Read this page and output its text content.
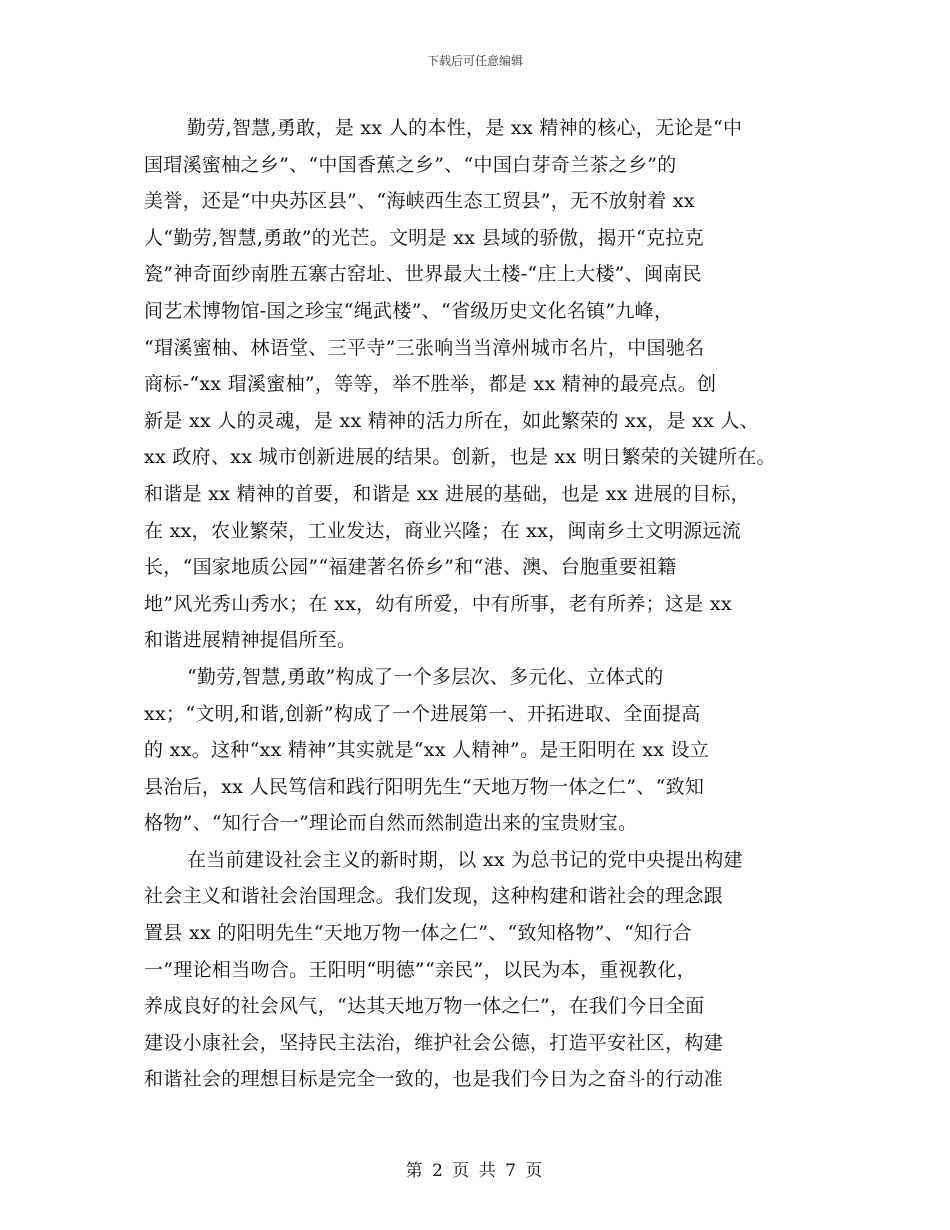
下载后可任意编辑
勤劳,智慧,勇敢，是 xx 人的本性，是 xx 精神的核心，无论是“中
国瑁溪蜜柚之乡”、“中国香蕉之乡”、“中国白芽奇兰茶之乡”的
美誉，还是“中央苏区县”、“海峡西生态工贸县”，无不放射着 xx
人“勤劳,智慧,勇敢”的光芒。文明是 xx 县域的骄傲，揭开“克拉克
瓷”神奇面纱南胜五寨古窑址、世界最大土楼-“庄上大楼”、闽南民
间艺术博物馆-国之珍宝“绳武楼”、“省级历史文化名镇”九峰，
“瑁溪蜜柚、林语堂、三平寺”三张响当当漳州城市名片，中国驰名
商标-“xx 瑁溪蜜柚”，等等，举不胜举，都是 xx 精神的最亮点。创
新是 xx 人的灵魂，是 xx 精神的活力所在，如此繁荣的 xx，是 xx 人、
xx 政府、xx 城市创新进展的结果。创新，也是 xx 明日繁荣的关键所在。
和谐是 xx 精神的首要，和谐是 xx 进展的基础，也是 xx 进展的目标，
在 xx，农业繁荣，工业发达，商业兴隆；在 xx，闽南乡土文明源远流
长，“国家地质公园”“福建著名侨乡”和“港、澳、台胞重要祖籍
地”风光秀山秀水；在 xx，幼有所爱，中有所事，老有所养；这是 xx
和谐进展精神提倡所至。
“勤劳,智慧,勇敢”构成了一个多层次、多元化、立体式的
xx；“文明,和谐,创新”构成了一个进展第一、开拓进取、全面提高
的 xx。这种“xx 精神”其实就是“xx 人精神”。是王阳明在 xx 设立
县治后，xx 人民笃信和践行阳明先生“天地万物一体之仁”、“致知
格物”、“知行合一”理论而自然而然制造出来的宝贵财宝。
在当前建设社会主义的新时期，以 xx 为总书记的党中央提出构建
社会主义和谐社会治国理念。我们发现，这种构建和谐社会的理念跟
置县 xx 的阳明先生“天地万物一体之仁”、“致知格物”、“知行合
一”理论相当吻合。王阳明“明德”“亲民”，以民为本，重视教化，
养成良好的社会风气，“达其天地万物一体之仁”，在我们今日全面
建设小康社会，坚持民主法治，维护社会公德，打造平安社区，构建
和谐社会的理想目标是完全一致的，也是我们今日为之奋斗的行动准
第 2 页 共 7 页
